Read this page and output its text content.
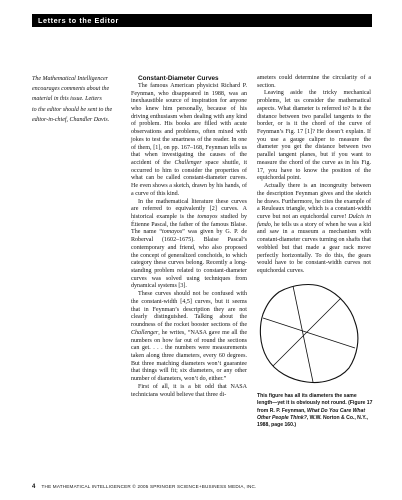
Letters to the Editor
The Mathematical Intelligencer
encourages comments about the
material in this issue. Letters
to the editor should be sent to the
editor-in-chief, Chandler Davis.

Constant-Diameter Curves

The famous American physicist Richard P. Feynman, who disappeared in 1988, was an inexhaustible source of inspiration for anyone who knew him personally, because of his driving enthusiasm when dealing with any kind of problem. His books are filled with acute observations and problems, often mixed with jokes to test the smartness of the reader. In one of them, [1], on pp. 167–168, Feynman tells us that when investigating the causes of the accident of the Challenger space shuttle, it occurred to him to consider the properties of what can be called constant-diameter curves. He even shows a sketch, drawn by his hands, of a curve of this kind.

In the mathematical literature these curves are referred to equivalently [2] curves. A historical example is the tomayos studied by Étienne Pascal, the father of the famous Blaise. The name “tomayos” was given by G. P. de Roberval (1602–1675). Blaise Pascal’s contemporary and friend, who also proposed the concept of generalized conchoids, to which category these curves belong. Recently a long-standing problem related to constant-diameter curves was solved using techniques from dynamical systems [3].

These curves should not be confused with the constant-width [4,5] curves, but it seems that in Feynman’s description they are not clearly distinguished. Talking about the roundness of the rocket booster sections of the Challenger, he writes, “NASA gave me all the numbers on how far out of round the sections can get. . . . the numbers were measurements taken along three diameters, every 60 degrees. But three matching diameters won’t guarantee that things will fit; six diameters, or any other number of diameters, won’t do, either.”

First of all, it is a bit odd that NASA technicians would believe that three di-

ameters could determine the circularity of a section.

Leaving aside the tricky mechanical problems, let us consider the mathematical aspects. What diameter is referred to? Is it the distance between two parallel tangents to the border, or is it the chord of the curve of Feynman’s Fig. 17 [1]? He doesn’t explain. If you use a gauge caliper to measure the diameter you get the distance between two parallel tangent planes, but if you want to measure the chord of the curve as in his Fig. 17, you have to know the position of the equichordal point.

Actually there is an incongruity between the description Feynman gives and the sketch he draws. Furthermore, he cites the example of a Reuleaux triangle, which is a constant-width curve but not an equichordal curve! Dulcis in fundo, he tells us a story of when he was a kid and saw in a museum a mechanism with constant-diameter curves turning on shafts that wobbled but that made a gear rack move perfectly horizontally. To do this, the gears would have to be constant-width curves not equichordal curves.

This figure has all its diameters the same length—yet it is obviously not round. (Figure 17 from R. P. Feynman, What Do You Care What Other People Think?, W.W. Norton & Co., N.Y., 1988, page 160.)
4 THE MATHEMATICAL INTELLIGENCER © 2005 SPRINGER SCIENCE+BUSINESS MEDIA, INC.
